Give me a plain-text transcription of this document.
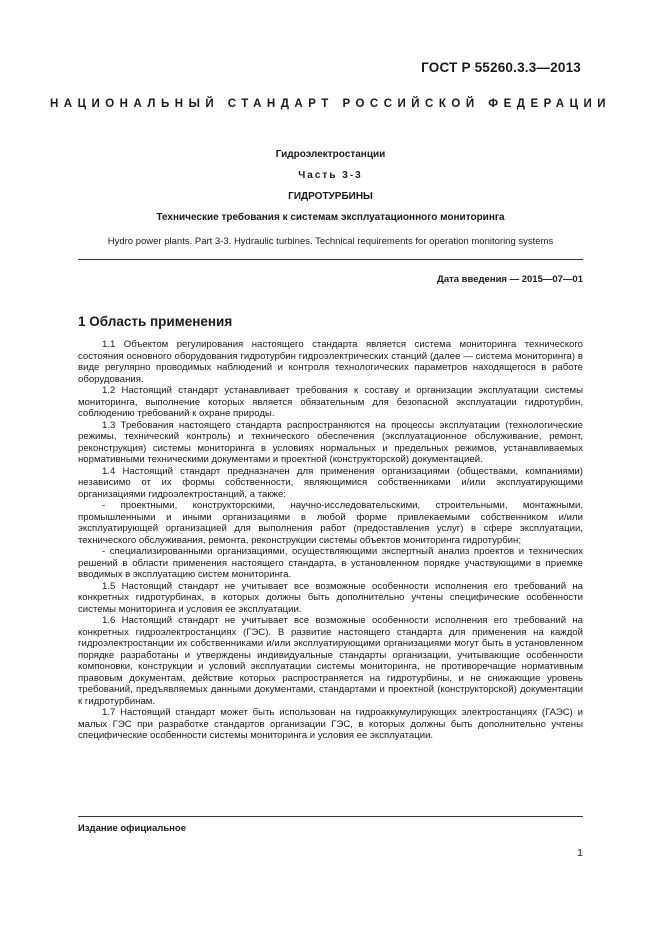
ГОСТ Р 55260.3.3—2013
НАЦИОНАЛЬНЫЙ СТАНДАРТ РОССИЙСКОЙ ФЕДЕРАЦИИ

Гидроэлектростанции

Часть 3-3

ГИДРОТУРБИНЫ

Технические требования к системам эксплуатационного мониторинга

Hydro power plants. Part 3-3. Hydraulic turbines. Technical requirements for operation monitoring systems

Дата введения — 2015—07—01
1 Область применения

1.1 Объектом регулирования настоящего стандарта является система мониторинга технического состояния основного оборудования гидротурбин гидроэлектрических станций (далее — система мониторинга) в виде регулярно проводимых наблюдений и контроля технологических параметров находящегося в работе оборудования.

1.2 Настоящий стандарт устанавливает требования к составу и организации эксплуатации системы мониторинга, выполнение которых является обязательным для безопасной эксплуатации гидротурбин, соблюдению требований к охране природы.

1.3 Требования настоящего стандарта распространяются на процессы эксплуатации (технологические режимы, технический контроль) и технического обеспечения (эксплуатационное обслуживание, ремонт, реконструкция) системы мониторинга в условиях нормальных и предельных режимов, устанавливаемых нормативными техническими документами и проектной (конструкторской) документацией.

1.4 Настоящий стандарт предназначен для применения организациями (обществами, компаниями) независимо от их формы собственности, являющимися собственниками и/или эксплуатирующими организациями гидроэлектростанций, а также:

- проектными, конструкторскими, научно-исследовательскими, строительными, монтажными, промышленными и иными организациями в любой форме привлекаемыми собственником и/или эксплуатирующей организацией для выполнения работ (предоставления услуг) в сфере эксплуатации, технического обслуживания, ремонта, реконструкции системы объектов мониторинга гидротурбин;

- специализированными организациями, осуществляющими экспертный анализ проектов и технических решений в области применения настоящего стандарта, в установленном порядке участвующими в приемке вводимых в эксплуатацию систем мониторинга.

1.5 Настоящий стандарт не учитывает все возможные особенности исполнения его требований на конкретных гидротурбинах, в которых должны быть дополнительно учтены специфические особенности системы мониторинга и условия ее эксплуатации.

1.6 Настоящий стандарт не учитывает все возможные особенности исполнения его требований на конкретных гидроэлектростанциях (ГЭС). В развитие настоящего стандарта для применения на каждой гидроэлектростанции их собственниками и/или эксплуатирующими организациями могут быть в установленном порядке разработаны и утверждены индивидуальные стандарты организации, учитывающие особенности компоновки, конструкции и условий эксплуатации системы мониторинга, не противоречащие нормативным правовым документам, действие которых распространяется на гидротурбины, и не снижающие уровень требований, предъявляемых данными документами, стандартами и проектной (конструкторской) документации к гидротурбинам.

1.7 Настоящий стандарт может быть использован на гидроаккумулирующих электростанциях (ГАЭС) и малых ГЭС при разработке стандартов организации ГЭС, в которых должны быть дополнительно учтены специфические особенности системы мониторинга и условия ее эксплуатации.

Издание официальное
1
